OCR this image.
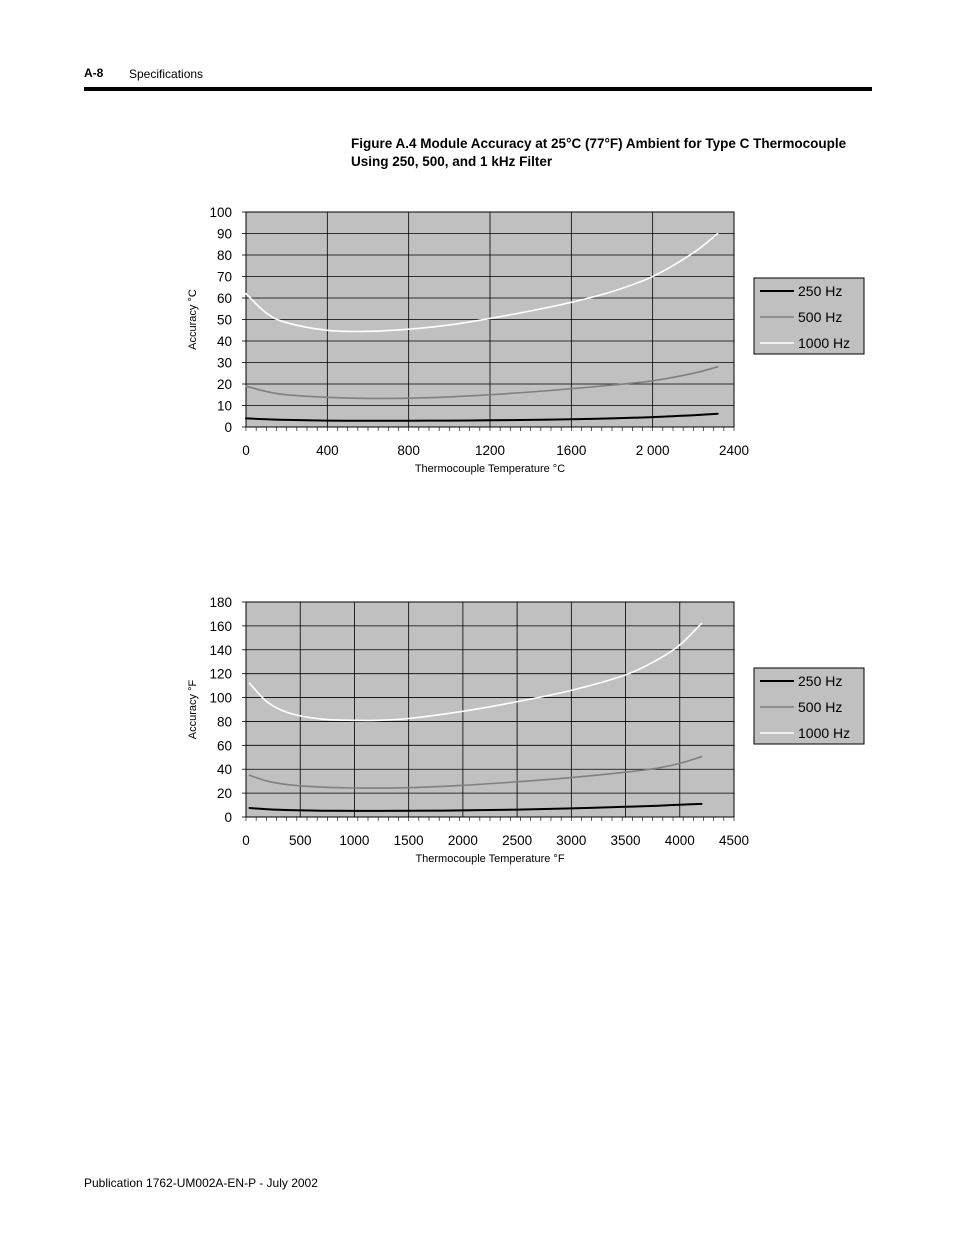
A-8 Specifications
Figure A.4 Module Accuracy at 25°C (77°F) Ambient for Type C Thermocouple Using 250, 500, and 1 kHz Filter
0
10
20
30
40
50
60
70
80
90
100
0	400	800	1200	1600	2 000	2400
Thermocouple Temperature °C
Accuracy °C	250 Hz
500 Hz
1000 Hz
0
20
40
60
80
100
120
140
160
180
0	500 1000 1500 2000 2500 3000 3500 4000 4500
Thermocouple Temperature °F
Accuracy °F	250 Hz
500 Hz
1000 Hz
Publication 1762-UM002A-EN-P - July 2002
